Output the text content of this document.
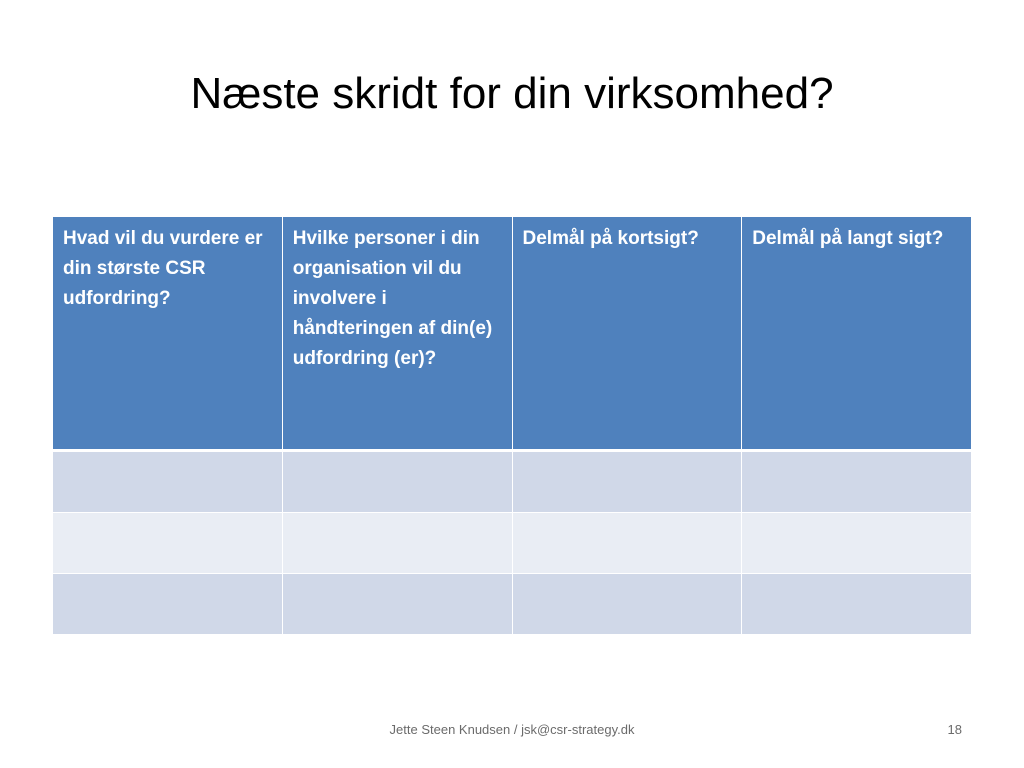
Næste skridt for din virksomhed?
Hvad vil du vurdere er din største CSR udfordring?	Hvilke personer i din organisation vil du involvere i håndteringen af din(e) udfordring (er)?	Delmål på kortsigt?	Delmål på langt sigt?

Jette Steen Knudsen / jsk@csr-strategy.dk	18
